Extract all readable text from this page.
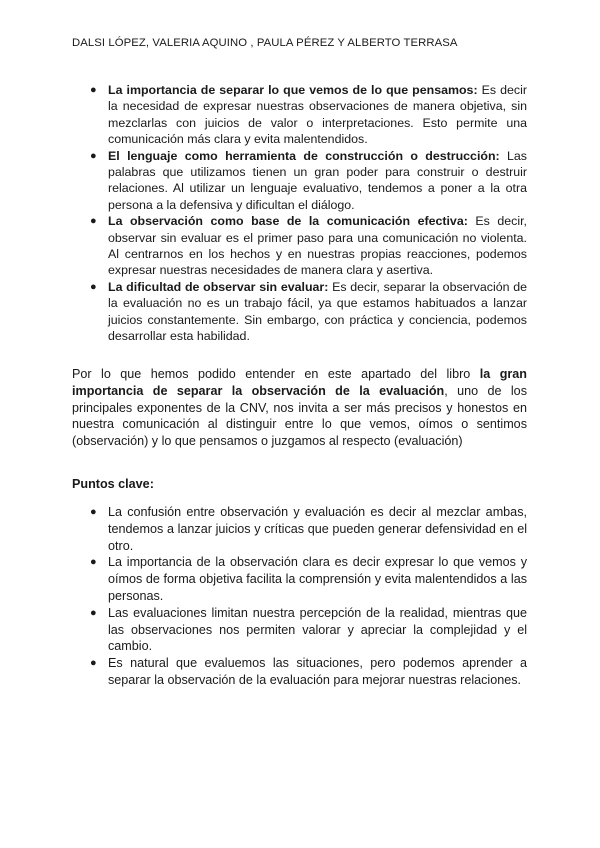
DALSI LÓPEZ, VALERIA AQUINO , PAULA PÉREZ Y ALBERTO TERRASA
● La importancia de separar lo que vemos de lo que pensamos: Es decir la necesidad de expresar nuestras observaciones de manera objetiva, sin mezclarlas con juicios de valor o interpretaciones. Esto permite una comunicación más clara y evita malentendidos.
● El lenguaje como herramienta de construcción o destrucción: Las palabras que utilizamos tienen un gran poder para construir o destruir relaciones. Al utilizar un lenguaje evaluativo, tendemos a poner a la otra persona a la defensiva y dificultan el diálogo.
● La observación como base de la comunicación efectiva: Es decir, observar sin evaluar es el primer paso para una comunicación no violenta. Al centrarnos en los hechos y en nuestras propias reacciones, podemos expresar nuestras necesidades de manera clara y asertiva.
● La dificultad de observar sin evaluar: Es decir, separar la observación de la evaluación no es un trabajo fácil, ya que estamos habituados a lanzar juicios constantemente. Sin embargo, con práctica y conciencia, podemos desarrollar esta habilidad.

Por lo que hemos podido entender en este apartado del libro la gran importancia de separar la observación de la evaluación, uno de los principales exponentes de la CNV, nos invita a ser más precisos y honestos en nuestra comunicación al distinguir entre lo que vemos, oímos o sentimos (observación) y lo que pensamos o juzgamos al respecto (evaluación)

Puntos clave:
● La confusión entre observación y evaluación es decir al mezclar ambas, tendemos a lanzar juicios y críticas que pueden generar defensividad en el otro.
● La importancia de la observación clara es decir expresar lo que vemos y oímos de forma objetiva facilita la comprensión y evita malentendidos a las personas.
● Las evaluaciones limitan nuestra percepción de la realidad, mientras que las observaciones nos permiten valorar y apreciar la complejidad y el cambio.
● Es natural que evaluemos las situaciones, pero podemos aprender a separar la observación de la evaluación para mejorar nuestras relaciones.
